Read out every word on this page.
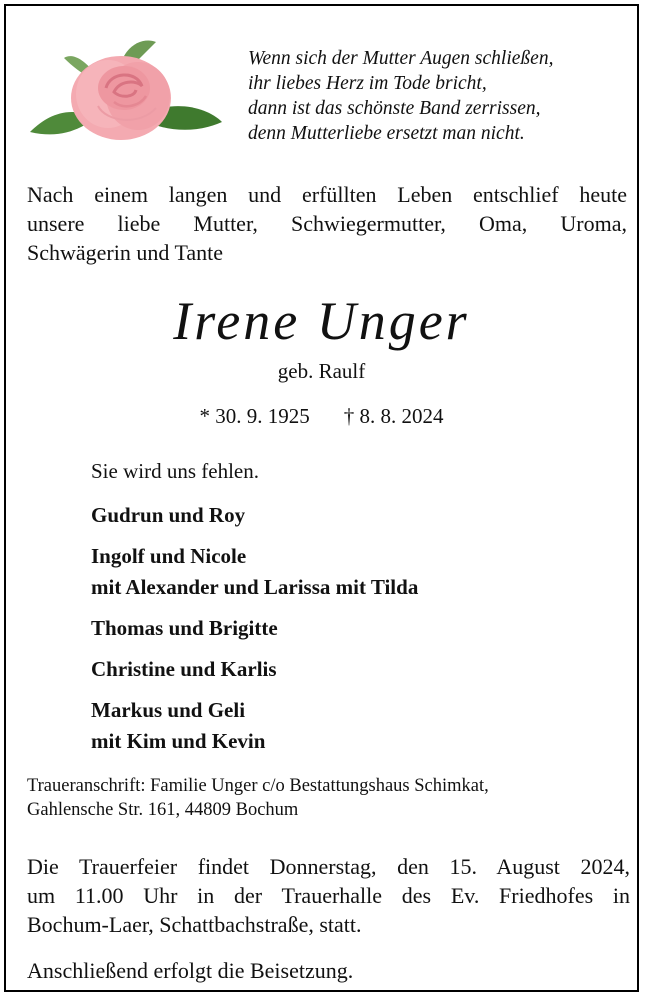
Wenn sich der Mutter Augen schließen,
ihr liebes Herz im Tode bricht,
dann ist das schönste Band zerrissen,
denn Mutterliebe ersetzt man nicht.
Nach einem langen und erfüllten Leben entschlief heute
unsere liebe Mutter, Schwiegermutter, Oma, Uroma,
Schwägerin und Tante
Irene Unger
geb. Raulf
* 30. 9. 1925 † 8. 8. 2024
Sie wird uns fehlen.
Gudrun und Roy
Ingolf und Nicole
mit Alexander und Larissa mit Tilda
Thomas und Brigitte
Christine und Karlis
Markus und Geli
mit Kim und Kevin
Traueranschrift: Familie Unger c/o Bestattungshaus Schimkat,
Gahlensche Str. 161, 44809 Bochum
Die Trauerfeier findet Donnerstag, den 15. August 2024,
um 11.00 Uhr in der Trauerhalle des Ev. Friedhofes in
Bochum-Laer, Schattbachstraße, statt.
Anschließend erfolgt die Beisetzung.
